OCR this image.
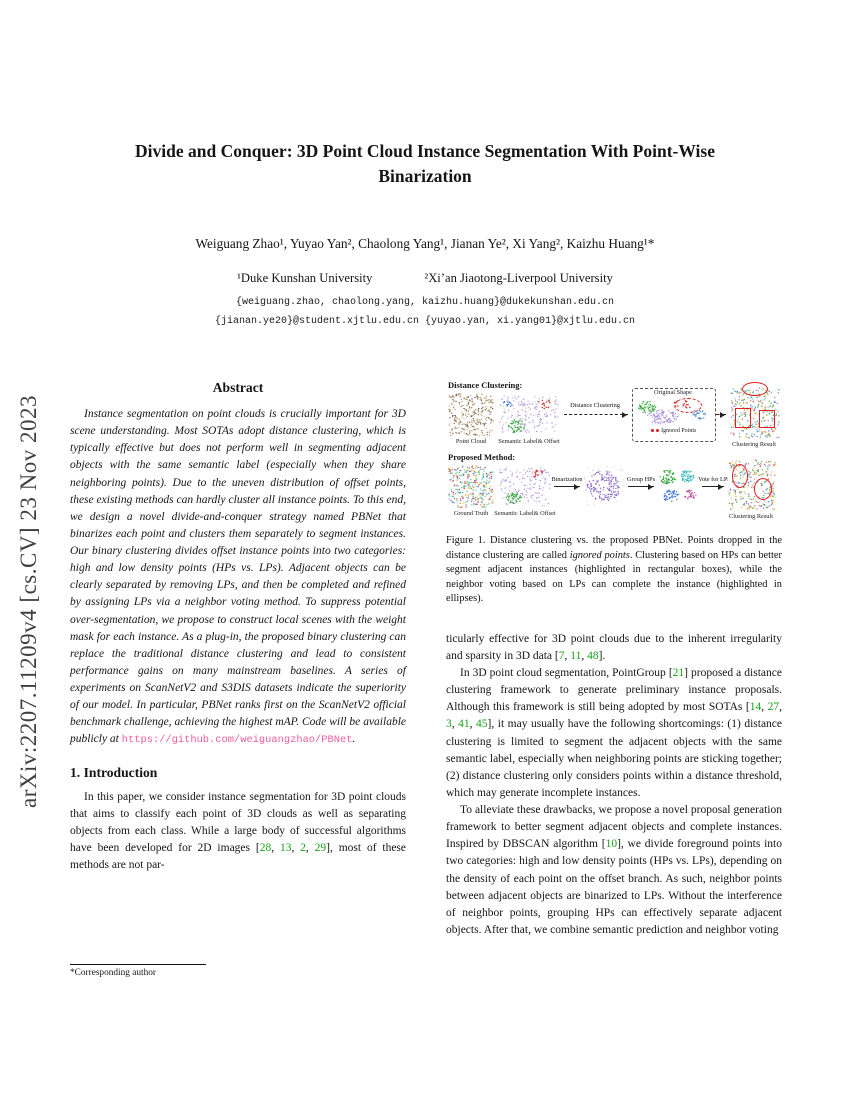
arXiv:2207.11209v4 [cs.CV] 23 Nov 2023
Divide and Conquer: 3D Point Cloud Instance Segmentation With Point-Wise
Binarization
Weiguang Zhao¹, Yuyao Yan², Chaolong Yang¹, Jianan Ye², Xi Yang², Kaizhu Huang¹*
¹Duke Kunshan University	²Xi’an Jiaotong-Liverpool University
{weiguang.zhao, chaolong.yang, kaizhu.huang}@dukekunshan.edu.cn
{jianan.ye20}@student.xjtlu.edu.cn {yuyao.yan, xi.yang01}@xjtlu.edu.cn
Abstract

Instance segmentation on point clouds is crucially important for 3D scene understanding. Most SOTAs adopt distance clustering, which is typically effective but does not perform well in segmenting adjacent objects with the same semantic label (especially when they share neighboring points). Due to the uneven distribution of offset points, these existing methods can hardly cluster all instance points. To this end, we design a novel divide-and-conquer strategy named PBNet that binarizes each point and clusters them separately to segment instances. Our binary clustering divides offset instance points into two categories: high and low density points (HPs vs. LPs). Adjacent objects can be clearly separated by removing LPs, and then be completed and refined by assigning LPs via a neighbor voting method. To suppress potential over-segmentation, we propose to construct local scenes with the weight mask for each instance. As a plug-in, the proposed binary clustering can replace the traditional distance clustering and lead to consistent performance gains on many mainstream baselines. A series of experiments on ScanNetV2 and S3DIS datasets indicate the superiority of our model. In particular, PBNet ranks first on the ScanNetV2 official benchmark challenge, achieving the highest mAP. Code will be available publicly at https://github.com/weiguangzhao/PBNet.

1. Introduction

In this paper, we consider instance segmentation for 3D point clouds that aims to classify each point of 3D clouds as well as separating objects from each class. While a large body of successful algorithms have been developed for 2D images [28, 13, 2, 29], most of these methods are not par-

*Corresponding author
Distance Clustering:
Point Cloud	Semantic Label& Offset
Distance Clustering
Original Shape
Ignored Points
Clustering Result
Proposed Method:
Ground Truth Semantic Label& Offset
Binarization	Group HPs	Vote for LPs
Clustering Result
Figure 1. Distance clustering vs. the proposed PBNet. Points dropped in the distance clustering are called ignored points. Clustering based on HPs can better segment adjacent instances (highlighted in rectangular boxes), while the neighbor voting based on LPs can complete the instance (highlighted in ellipses).

ticularly effective for 3D point clouds due to the inherent irregularity and sparsity in 3D data [7, 11, 48].

In 3D point cloud segmentation, PointGroup [21] proposed a distance clustering framework to generate preliminary instance proposals. Although this framework is still being adopted by most SOTAs [14, 27, 3, 41, 45], it may usually have the following shortcomings: (1) distance clustering is limited to segment the adjacent objects with the same semantic label, especially when neighboring points are sticking together; (2) distance clustering only considers points within a distance threshold, which may generate incomplete instances.

To alleviate these drawbacks, we propose a novel proposal generation framework to better segment adjacent objects and complete instances. Inspired by DBSCAN algorithm [10], we divide foreground points into two categories: high and low density points (HPs vs. LPs), depending on the density of each point on the offset branch. As such, neighbor points between adjacent objects are binarized to LPs. Without the interference of neighbor points, grouping HPs can effectively separate adjacent objects. After that, we combine semantic prediction and neighbor voting
